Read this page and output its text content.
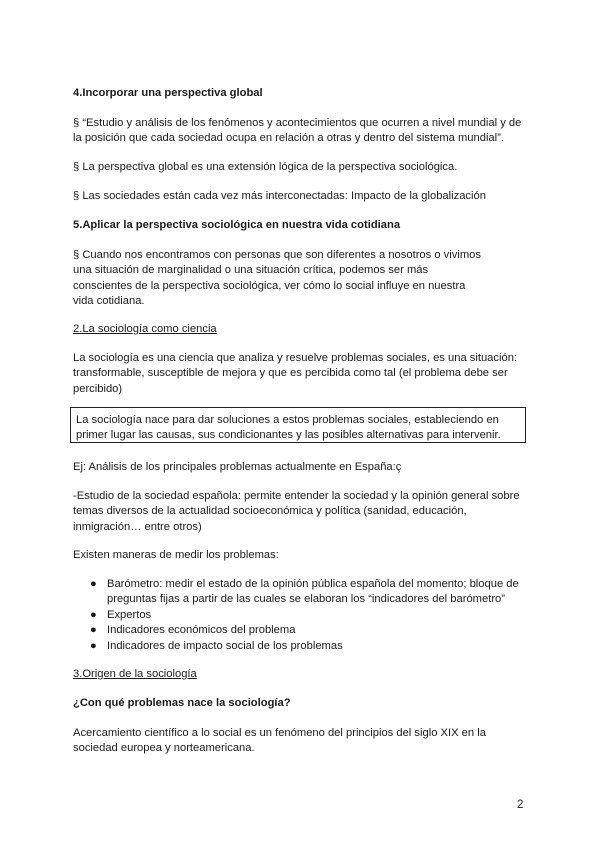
4.Incorporar una perspectiva global

§ “Estudio y análisis de los fenómenos y acontecimientos que ocurren a nivel mundial y de
la posición que cada sociedad ocupa en relación a otras y dentro del sistema mundial”.

§ La perspectiva global es una extensión lógica de la perspectiva sociológica.

§ Las sociedades están cada vez más interconectadas: Impacto de la globalización

5.Aplicar la perspectiva sociológica en nuestra vida cotidiana

§ Cuando nos encontramos con personas que son diferentes a nosotros o vivimos
una situación de marginalidad o una situación crítica, podemos ser más
conscientes de la perspectiva sociológica, ver cómo lo social influye en nuestra
vida cotidiana.

2.La sociología como ciencia

La sociología es una ciencia que analiza y resuelve problemas sociales, es una situación:
transformable, susceptible de mejora y que es percibida como tal (el problema debe ser
percibido)

La sociología nace para dar soluciones a estos problemas sociales, estableciendo en
primer lugar las causas, sus condicionantes y las posibles alternativas para intervenir.

Ej: Análisis de los principales problemas actualmente en España:ç

-Estudio de la sociedad española: permite entender la sociedad y la opinión general sobre
temas diversos de la actualidad socioeconómica y política (sanidad, educación,
inmigración… entre otros)

Existen maneras de medir los problemas:

● Barómetro: medir el estado de la opinión pública española del momento; bloque de
preguntas fijas a partir de las cuales se elaboran los “indicadores del barómetro”
● Expertos
● Indicadores económicos del problema
● Indicadores de impacto social de los problemas

3.Origen de la sociología

¿Con qué problemas nace la sociología?

Acercamiento científico a lo social es un fenómeno del principios del siglo XIX en la
sociedad europea y norteamericana.

2
